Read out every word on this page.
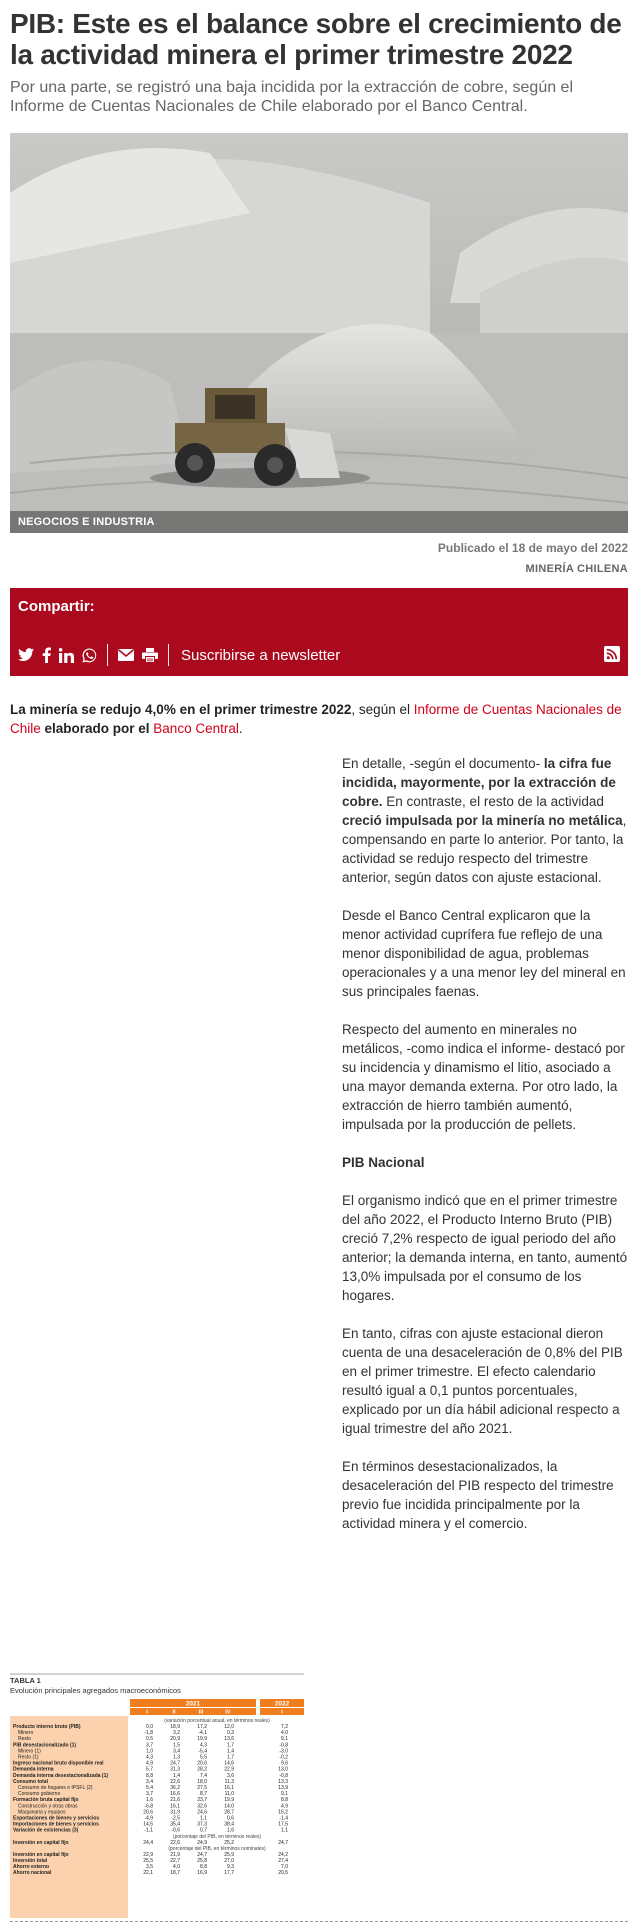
PIB: Este es el balance sobre el crecimiento de la actividad minera el primer trimestre 2022

Por una parte, se registró una baja incidida por la extracción de cobre, según el Informe de Cuentas Nacionales de Chile elaborado por el Banco Central.

NEGOCIOS E INDUSTRIA
Publicado el 18 de mayo del 2022
MINERÍA CHILENA
Compartir:
Suscribirse a newsletter

La minería se redujo 4,0% en el primer trimestre 2022, según el Informe de Cuentas Nacionales de Chile elaborado por el Banco Central.

En detalle, -según el documento- la cifra fue incidida, mayormente, por la extracción de cobre. En contraste, el resto de la actividad creció impulsada por la minería no metálica, compensando en parte lo anterior. Por tanto, la actividad se redujo respecto del trimestre anterior, según datos con ajuste estacional.

Desde el Banco Central explicaron que la menor actividad cuprífera fue reflejo de una menor disponibilidad de agua, problemas operacionales y a una menor ley del mineral en sus principales faenas.

Respecto del aumento en minerales no metálicos, -como indica el informe- destacó por su incidencia y dinamismo el litio, asociado a una mayor demanda externa. Por otro lado, la extracción de hierro también aumentó, impulsada por la producción de pellets.

PIB Nacional

El organismo indicó que en el primer trimestre del año 2022, el Producto Interno Bruto (PIB) creció 7,2% respecto de igual periodo del año anterior; la demanda interna, en tanto, aumentó 13,0% impulsada por el consumo de los hogares.

En tanto, cifras con ajuste estacional dieron cuenta de una desaceleración de 0,8% del PIB en el primer trimestre. El efecto calendario resultó igual a 0,1 puntos porcentuales, explicado por un día hábil adicional respecto a igual trimestre del año 2021.

En términos desestacionalizados, la desaceleración del PIB respecto del trimestre previo fue incidida principalmente por la actividad minera y el comercio.

TABLA 1
Evolución principales agregados macroeconómicos
2021	2022
I	II	III	IV	I
(variación porcentual anual, en términos reales)
Producto interno bruto (PIB)	0,0	18,9	17,2	12,0	7,2
Minero	-1,8	3,2	-4,1	0,3	4,0
Resto	0,5	20,9	19,9	13,6	9,1
PIB desestacionalizado (1)	3,7	1,5	4,3	1,7	-0,8
Minero (1)	1,0	3,4	-5,4	1,4	-3,0
Resto (1)	4,3	1,3	5,5	1,7	-0,2
Ingreso nacional bruto disponible real	4,9	24,7	20,6	14,6	9,6
Demanda interna	5,7	31,3	28,2	22,9	13,0
Demanda interna desestacionalizada (1)	8,8	1,4	7,4	3,6	-0,8
Consumo total	3,4	22,6	18,0	11,3	13,3
Consumo de hogares e IPSFL (2)	5,4	36,2	27,5	16,1	13,9
Consumo gobierno	3,7	16,6	8,7	11,0	9,1
Formación bruta capital fijo	1,6	21,6	23,7	19,9	8,8
Construcción y otras obras	-6,8	16,1	32,6	14,0	4,9
Maquinaria y equipos	20,6	31,9	24,6	28,7	15,2
Exportaciones de bienes y servicios	-4,9	-2,5	1,1	0,6	-1,4
Importaciones de bienes y servicios	14,5	35,4	37,3	38,4	17,5
Variación de existencias (3)	-1,1	-0,6	0,7	1,6	1,1
(porcentaje del PIB, en términos reales)
Inversión en capital fijo	24,4	22,6	24,9	25,2	24,7
(porcentaje del PIB, en términos nominales)
Inversión en capital fijo	22,9	21,9	24,7	25,9	24,2
Inversión total	25,5	22,7	25,8	27,0	27,4
Ahorro externo	3,5	4,0	8,8	9,3	7,0
Ahorro nacional	22,1	18,7	16,9	17,7	20,5
